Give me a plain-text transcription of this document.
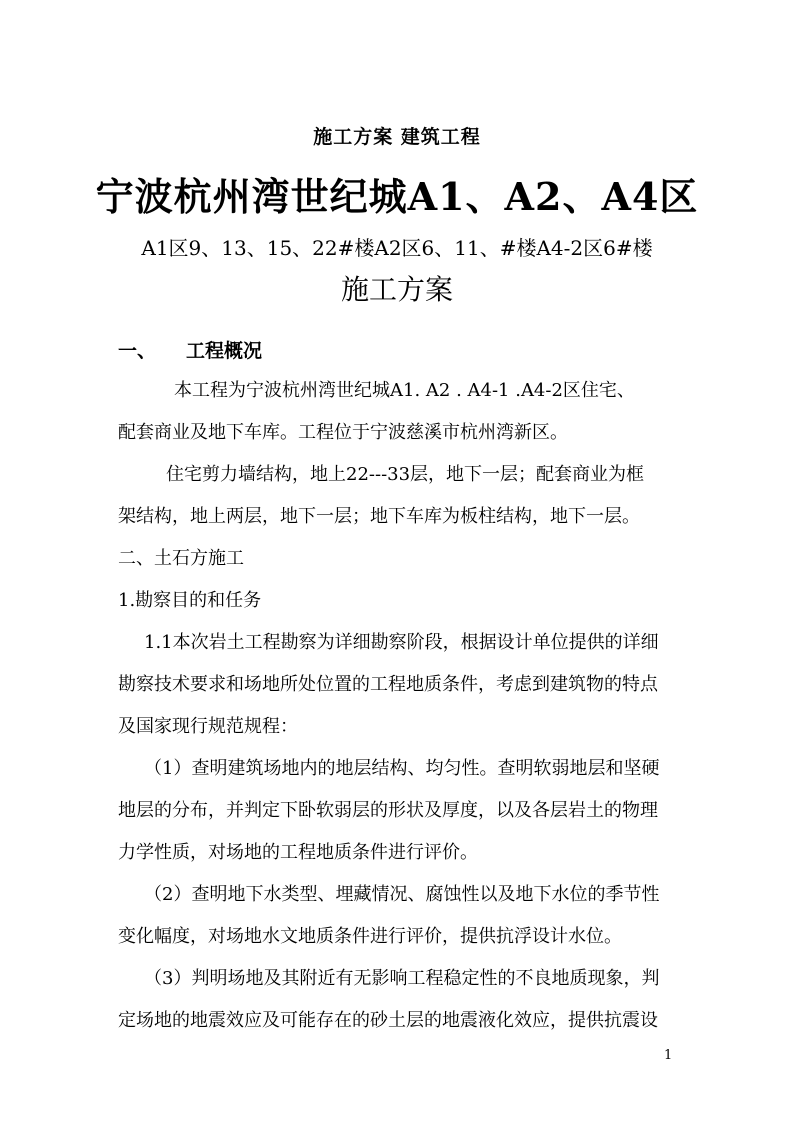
施工方案 建筑工程
宁波杭州湾世纪城A1、A2、A4区
A1区9、13、15、22#楼A2区6、11、#楼A4-2区6#楼
施工方案
一、 工程概况
本工程为宁波杭州湾世纪城A1. A2 . A4-1 .A4-2区住宅、
配套商业及地下车库。工程位于宁波慈溪市杭州湾新区。
住宅剪力墙结构，地上22---33层，地下一层；配套商业为框
架结构，地上两层，地下一层；地下车库为板柱结构，地下一层。
二、土石方施工
1.勘察目的和任务
1.1本次岩土工程勘察为详细勘察阶段，根据设计单位提供的详细
勘察技术要求和场地所处位置的工程地质条件，考虑到建筑物的特点
及国家现行规范规程：
（1）查明建筑场地内的地层结构、均匀性。查明软弱地层和坚硬
地层的分布，并判定下卧软弱层的形状及厚度，以及各层岩土的物理
力学性质，对场地的工程地质条件进行评价。
（2）查明地下水类型、埋藏情况、腐蚀性以及地下水位的季节性
变化幅度，对场地水文地质条件进行评价，提供抗浮设计水位。
（3）判明场地及其附近有无影响工程稳定性的不良地质现象，判
定场地的地震效应及可能存在的砂土层的地震液化效应，提供抗震设
1
